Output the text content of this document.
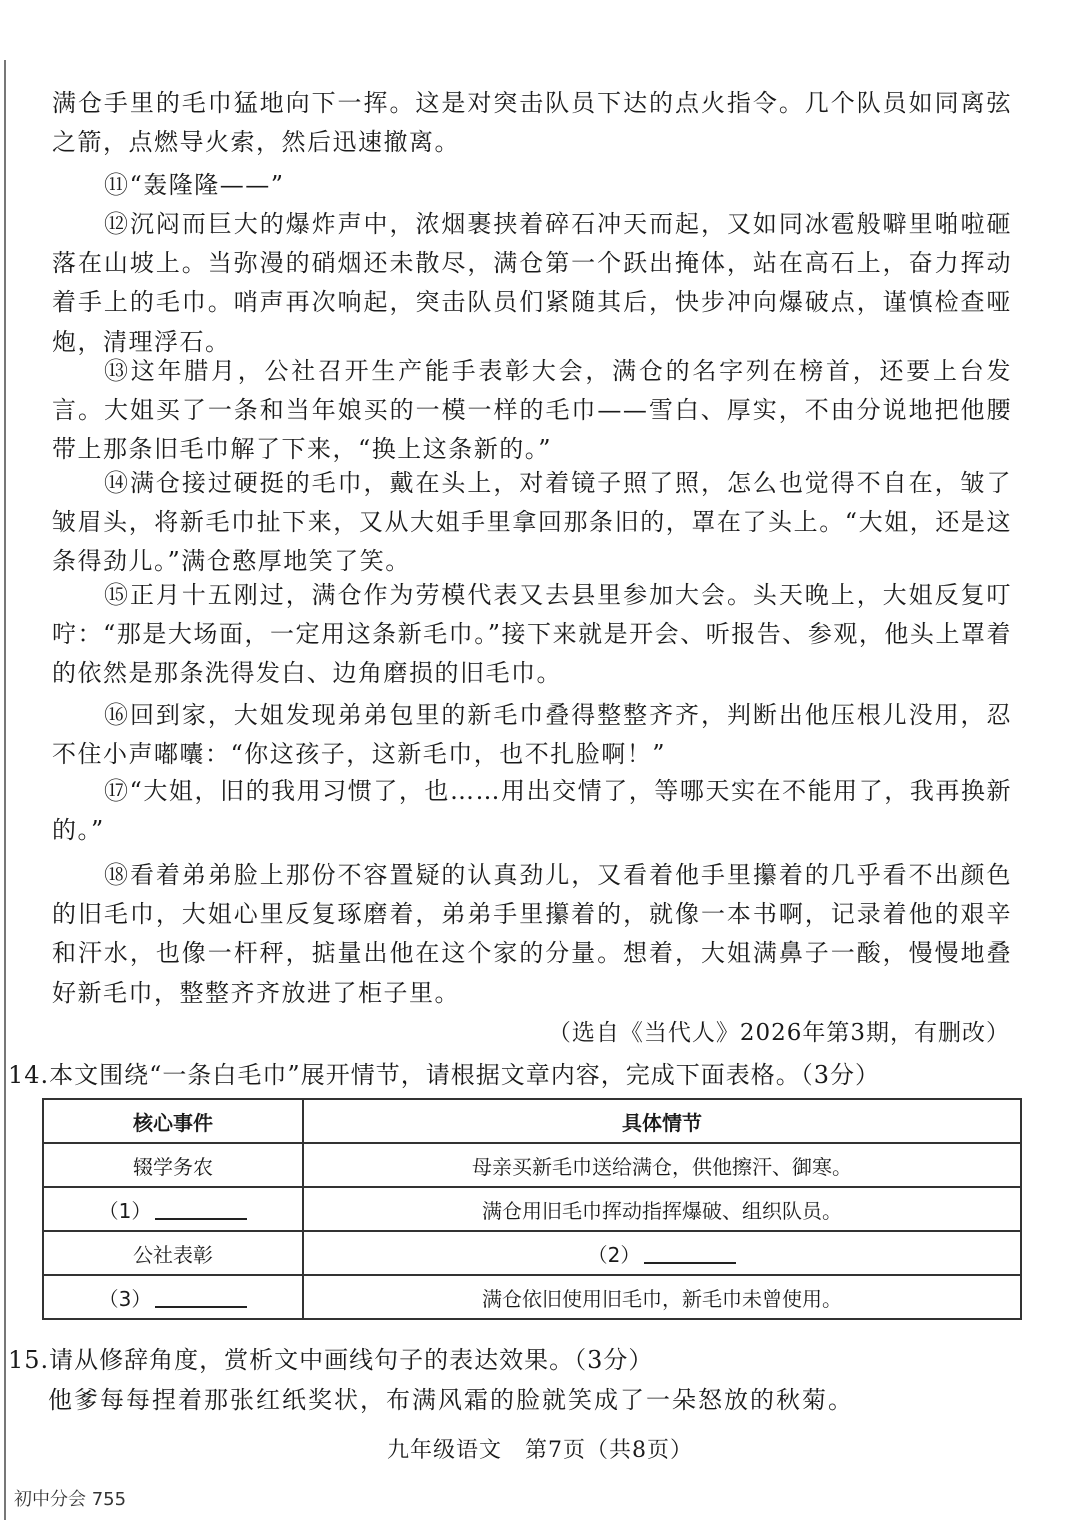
满仓手里的毛巾猛地向下一挥。这是对突击队员下达的点火指令。几个队员如同离弦之箭，点燃导火索，然后迅速撤离。

⑪“轰隆隆——”

⑫沉闷而巨大的爆炸声中，浓烟裹挟着碎石冲天而起，又如同冰雹般噼里啪啦砸落在山坡上。当弥漫的硝烟还未散尽，满仓第一个跃出掩体，站在高石上，奋力挥动着手上的毛巾。哨声再次响起，突击队员们紧随其后，快步冲向爆破点，谨慎检查哑炮，清理浮石。

⑬这年腊月，公社召开生产能手表彰大会，满仓的名字列在榜首，还要上台发言。大姐买了一条和当年娘买的一模一样的毛巾——雪白、厚实，不由分说地把他腰带上那条旧毛巾解了下来，“换上这条新的。”

⑭满仓接过硬挺的毛巾，戴在头上，对着镜子照了照，怎么也觉得不自在，皱了皱眉头，将新毛巾扯下来，又从大姐手里拿回那条旧的，罩在了头上。“大姐，还是这条得劲儿。”满仓憨厚地笑了笑。

⑮正月十五刚过，满仓作为劳模代表又去县里参加大会。头天晚上，大姐反复叮咛：“那是大场面，一定用这条新毛巾。”接下来就是开会、听报告、参观，他头上罩着的依然是那条洗得发白、边角磨损的旧毛巾。

⑯回到家，大姐发现弟弟包里的新毛巾叠得整整齐齐，判断出他压根儿没用，忍不住小声嘟囔：“你这孩子，这新毛巾，也不扎脸啊！”

⑰“大姐，旧的我用习惯了，也……用出交情了，等哪天实在不能用了，我再换新的。”

⑱看着弟弟脸上那份不容置疑的认真劲儿，又看着他手里攥着的几乎看不出颜色的旧毛巾，大姐心里反复琢磨着，弟弟手里攥着的，就像一本书啊，记录着他的艰辛和汗水，也像一杆秤，掂量出他在这个家的分量。想着，大姐满鼻子一酸，慢慢地叠好新毛巾，整整齐齐放进了柜子里。

（选自《当代人》2026年第3期，有删改）

14.本文围绕“一条白毛巾”展开情节，请根据文章内容，完成下面表格。（3分）

核心事件	具体情节
辍学务农	母亲买新毛巾送给满仓，供他擦汗、御寒。
（1）	满仓用旧毛巾挥动指挥爆破、组织队员。
公社表彰	（2）
（3）	满仓依旧使用旧毛巾，新毛巾未曾使用。

15.请从修辞角度，赏析文中画线句子的表达效果。（3分）

他爹每每捏着那张红纸奖状，布满风霜的脸就笑成了一朵怒放的秋菊。
九年级语文　第7页（共8页）
初中分会 755
